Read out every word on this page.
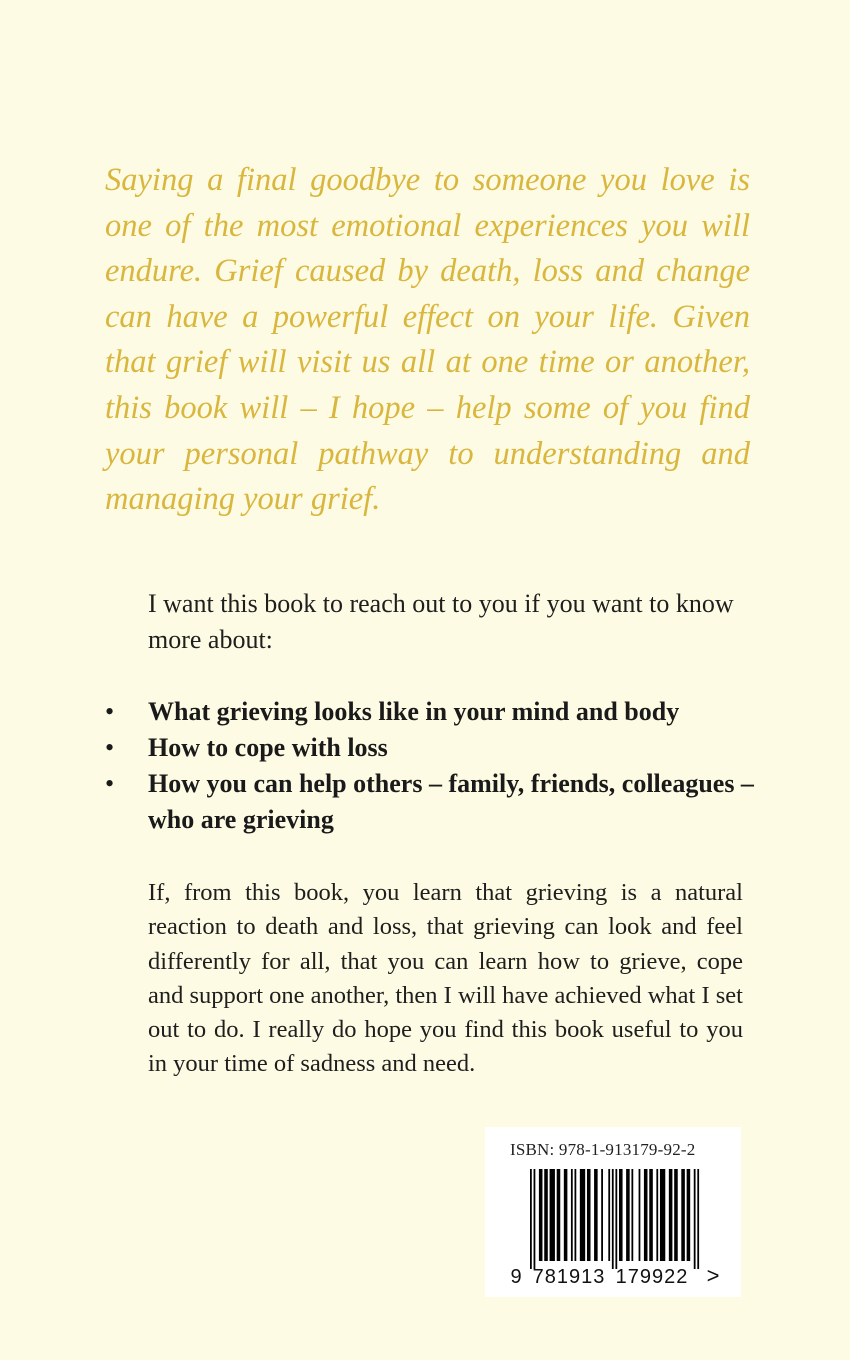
Saying a final goodbye to someone you love is one of the most emotional experiences you will endure. Grief caused by death, loss and change can have a powerful effect on your life. Given that grief will visit us all at one time or another, this book will – I hope – help some of you find your personal pathway to understanding and managing your grief.

I want this book to reach out to you if you want to know more about:

• What grieving looks like in your mind and body
• How to cope with loss
• How you can help others – family, friends, colleagues – who are grieving

If, from this book, you learn that grieving is a natural reaction to death and loss, that grieving can look and feel differently for all, that you can learn how to grieve, cope and support one another, then I will have achieved what I set out to do. I really do hope you find this book useful to you in your time of sadness and need.

ISBN: 978-1-913179-92-2
9 781913 179922 >
